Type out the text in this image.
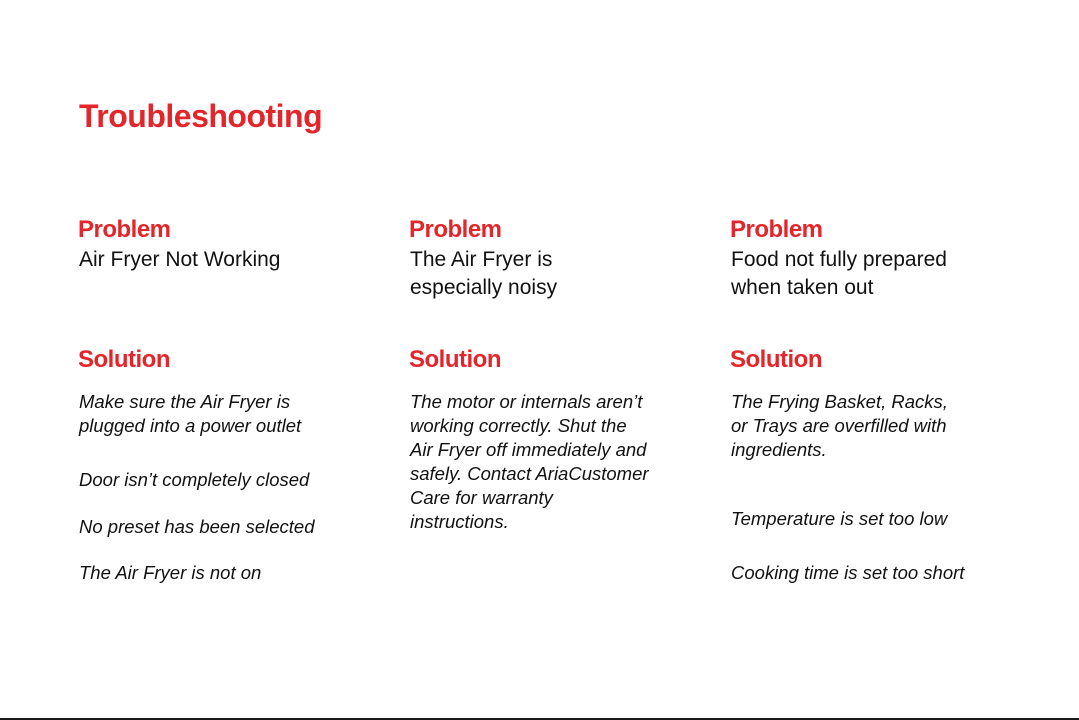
Troubleshooting
Problem

Air Fryer Not Working

Solution

Make sure the Air Fryer is
plugged into a power outlet

Door isn’t completely closed

No preset has been selected

The Air Fryer is not on

Problem

The Air Fryer is
especially noisy

Solution

The motor or internals aren’t
working correctly. Shut the
Air Fryer off immediately and
safely. Contact AriaCustomer
Care for warranty
instructions.

Problem

Food not fully prepared
when taken out

Solution

The Frying Basket, Racks,
or Trays are overfilled with
ingredients.

Temperature is set too low

Cooking time is set too short
